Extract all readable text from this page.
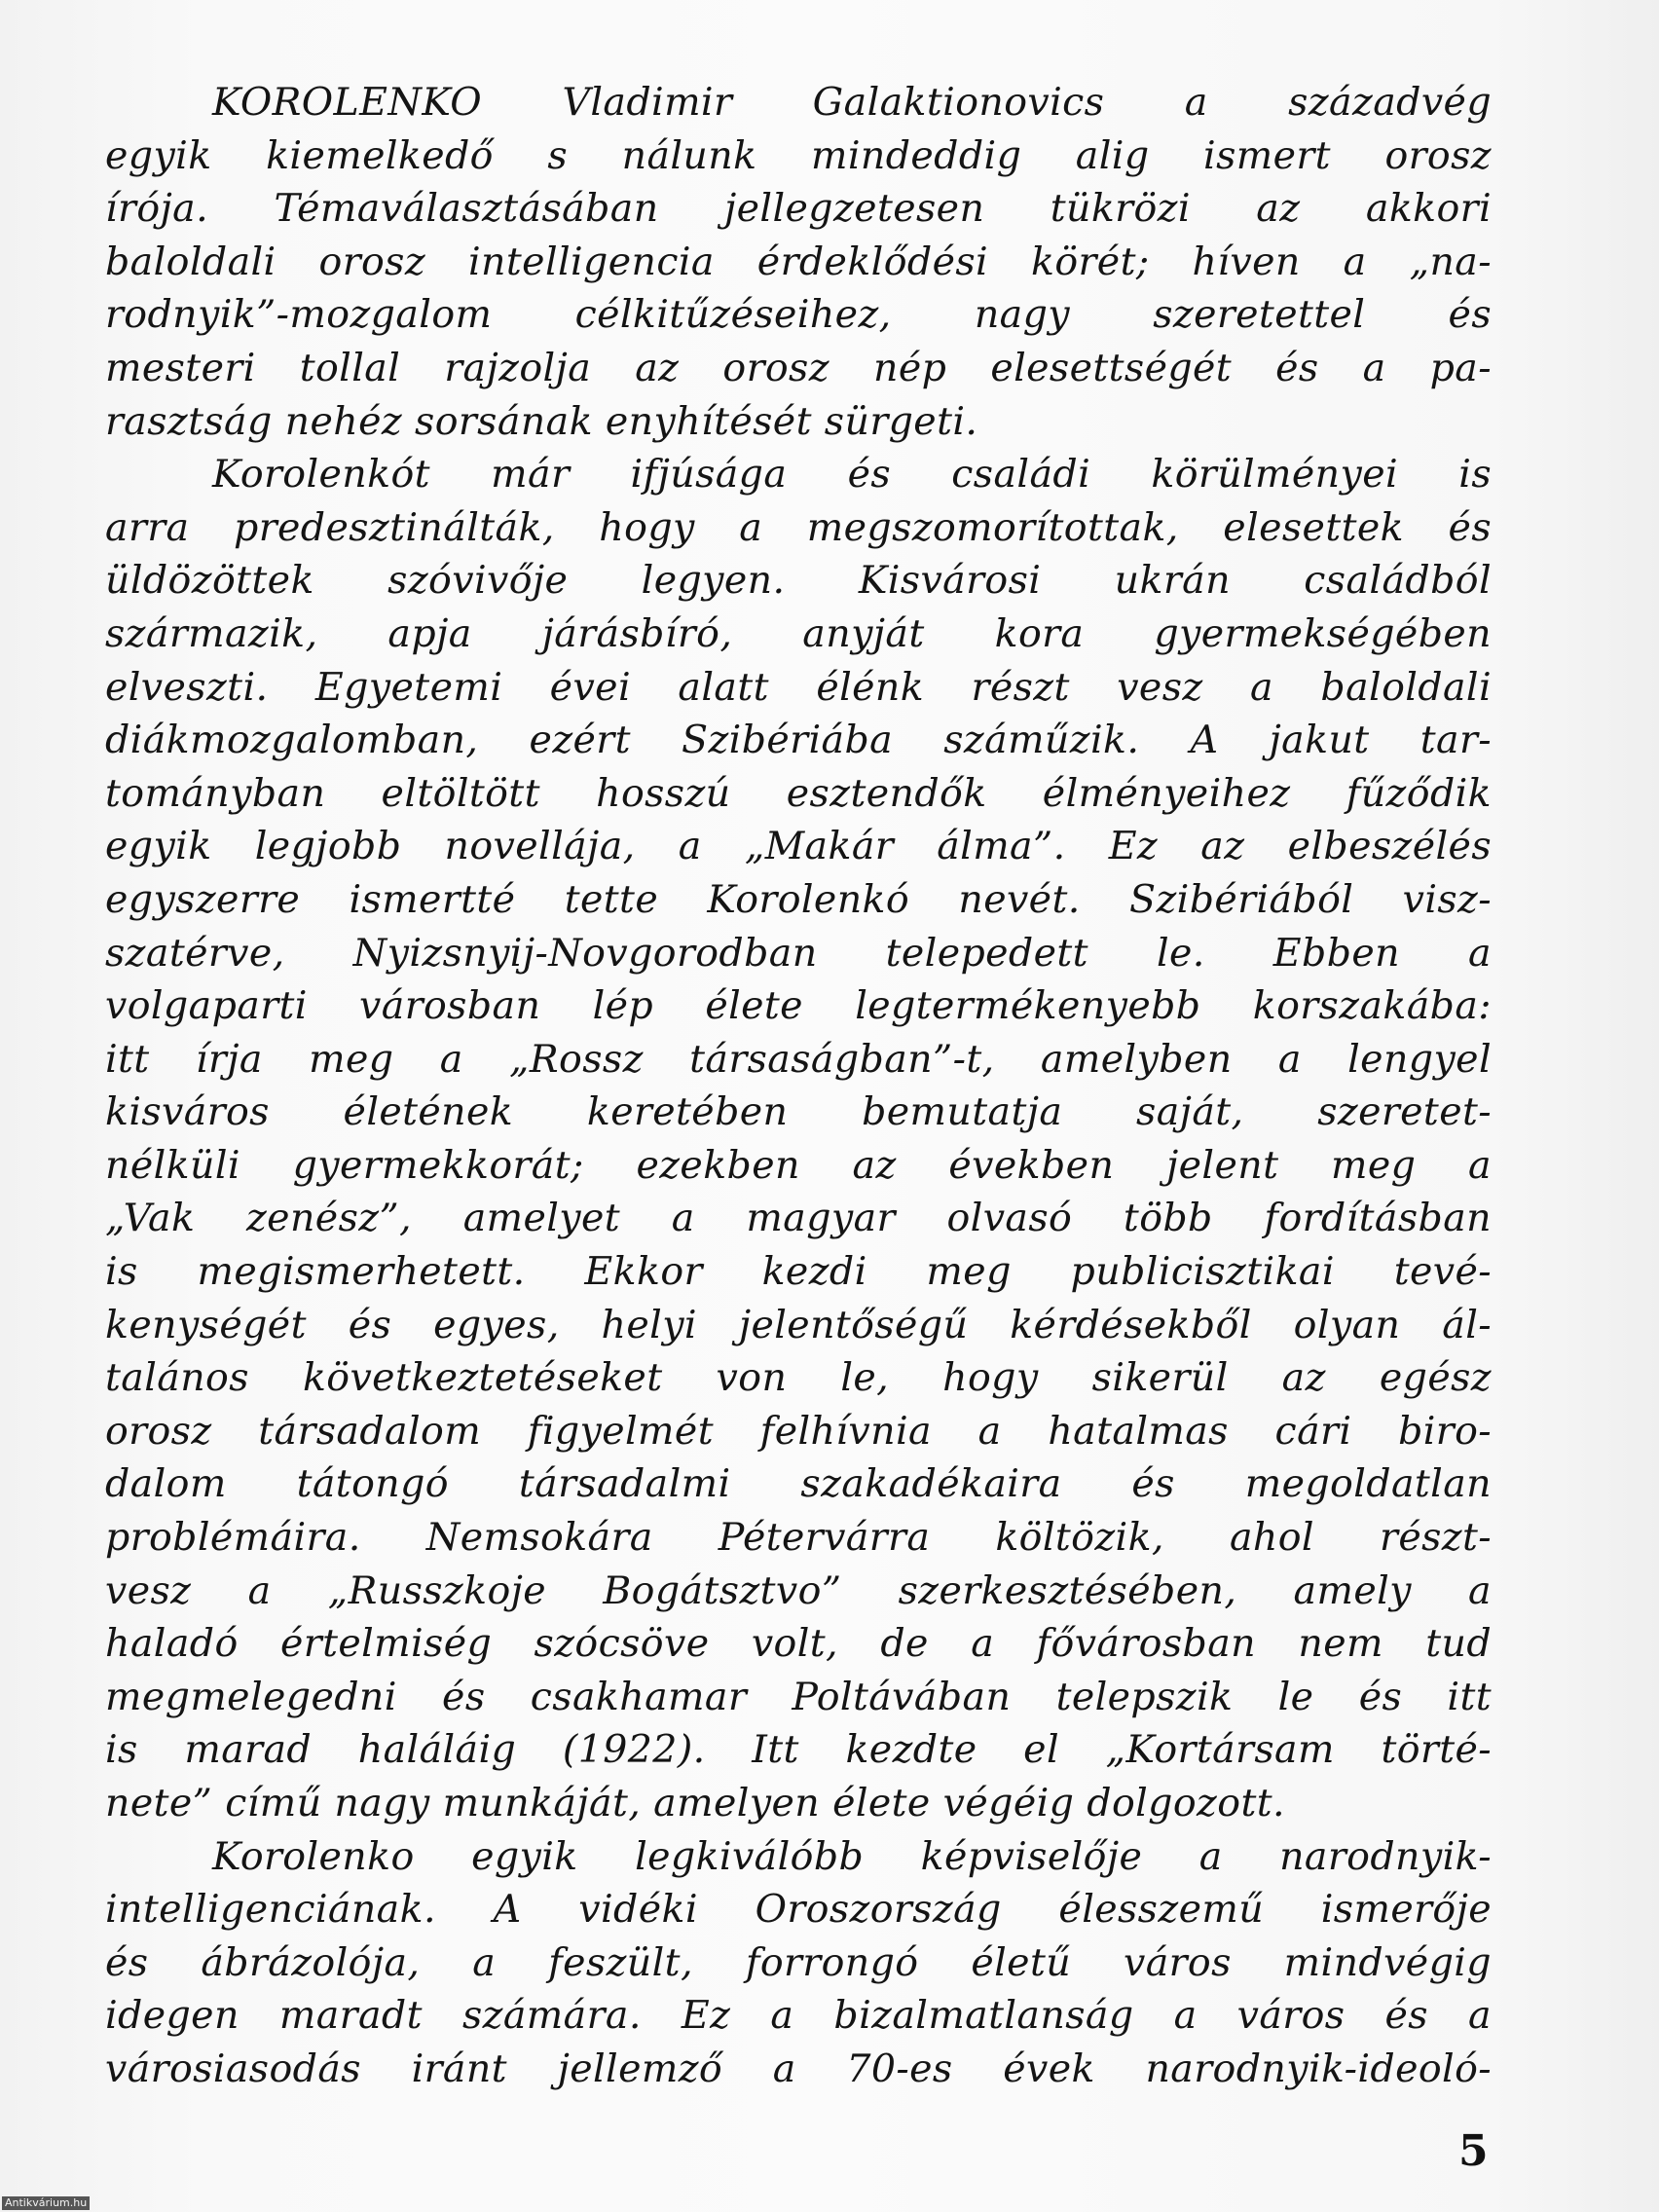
KOROLENKO Vladimir Galaktionovics a századvég
egyik kiemelkedő s nálunk mindeddig alig ismert orosz
írója. Témaválasztásában jellegzetesen tükrözi az akkori
baloldali orosz intelligencia érdeklődési körét; híven a „na-
rodnyik”-mozgalom célkitűzéseihez, nagy szeretettel és
mesteri tollal rajzolja az orosz nép elesettségét és a pa-
rasztság nehéz sorsának enyhítését sürgeti.
Korolenkót már ifjúsága és családi körülményei is
arra predesztinálták, hogy a megszomorítottak, elesettek és
üldözöttek szóvivője legyen. Kisvárosi ukrán családból
származik, apja járásbíró, anyját kora gyermekségében
elveszti. Egyetemi évei alatt élénk részt vesz a baloldali
diákmozgalomban, ezért Szibériába száműzik. A jakut tar-
tományban eltöltött hosszú esztendők élményeihez fűződik
egyik legjobb novellája, a „Makár álma”. Ez az elbeszélés
egyszerre ismertté tette Korolenkó nevét. Szibériából visz-
szatérve, Nyizsnyij-Novgorodban telepedett le. Ebben a
volgaparti városban lép élete legtermékenyebb korszakába:
itt írja meg a „Rossz társaságban”-t, amelyben a lengyel
kisváros életének keretében bemutatja saját, szeretet-
nélküli gyermekkorát; ezekben az években jelent meg a
„Vak zenész”, amelyet a magyar olvasó több fordításban
is megismerhetett. Ekkor kezdi meg publicisztikai tevé-
kenységét és egyes, helyi jelentőségű kérdésekből olyan ál-
talános következtetéseket von le, hogy sikerül az egész
orosz társadalom figyelmét felhívnia a hatalmas cári biro-
dalom tátongó társadalmi szakadékaira és megoldatlan
problémáira. Nemsokára Pétervárra költözik, ahol részt-
vesz a „Russzkoje Bogátsztvo” szerkesztésében, amely a
haladó értelmiség szócsöve volt, de a fővárosban nem tud
megmelegedni és csakhamar Poltávában telepszik le és itt
is marad haláláig (1922). Itt kezdte el „Kortársam törté-
nete” című nagy munkáját, amelyen élete végéig dolgozott.
Korolenko egyik legkiválóbb képviselője a narodnyik-
intelligenciának. A vidéki Oroszország élesszemű ismerője
és ábrázolója, a feszült, forrongó életű város mindvégig
idegen maradt számára. Ez a bizalmatlanság a város és a
városiasodás iránt jellemző a 70-es évek narodnyik-ideoló-
5
Antikvárium.hu
